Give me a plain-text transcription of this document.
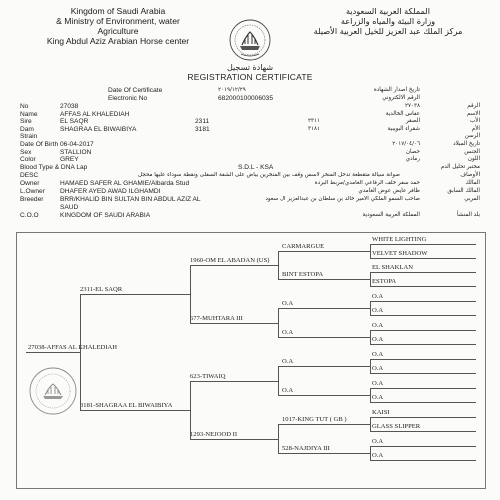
Kingdom of Saudi Arabia
& Ministry of Environment, water
Agriculture
King Abdul Aziz Arabian Horse center
المملكة العربية السعودية
وزارة البيئة والمياه والزراعة
مركز الملك عبد العزيز للخيل العربية الأصيلة
شهادة تسجيل
REGISTRATION CERTIFICATE
Date Of Certificate	٢٠١٩/١٢/٢٩	تاريخ اصدار الشهادة
Electronic No	682000100006035	الرقم الالكتروني
No	27038	٢٧٠٣٨	الرقم
Name	AFFAS AL KHALEDIAH	عفاس الخالدية	الاسم
Sire	EL SAQR	2311	٢٣١١	الصقر	الأب
Dam	SHAGRAA EL BIWAIBIYA	3181	٣١٨١	شقراء البويبية	الأم
Strain	الرسن
Date Of Birth 06-04-2017	٢٠١٧/٠٤/٠٦	تاريخ الميلاد
Sex	STALLION	حصان	الجنس
Color	GREY	رمادي	اللون
Blood Type & DNA Lap	S.D.L - KSA	مختبر تحليل الدم
DESC	صوانة سيالة متقطعة تدخل المنخر لاسس وقف بين المنخرين بياض على الشفة السفلى ونقطة سوداء عليها محجل	الأوصاف
Owner	HAMAED SAFER AL GHAMIE/Albarda Stud	حمد سفر خلف الرفاعي الغامدي/مربط البردة	المالك
L.Owner DHAFER AYED AWAD ILGHAMDI	ظافر عايض عوض الغامدي	المالك السابق
Breeder	BRR/KHALID BIN SULTAN BIN ABDUL AZIZ AL
SAUD
صاحب السمو الملكي الأمير خالد بن سلطان بن عبدالعزيز آل سعود	المربي
C.O.O	KINGDOM OF SAUDI ARABIA	المملكة العربية السعودية	بلد المنشأ
WHITE LIGHTING
VELVET SHADOW
EL SHAKLAN
ESTOPA
O.A
O.A
O.A
O.A
O.A
O.A
O.A
O.A
KAISI
GLASS SLIPPER
O.A
O.A
CARMARGUE
BINT ESTOPA
O.A
O.A
O.A
O.A
1017-KING TUT ( GB )
528-NAJDIYA III
1960-OM EL ABADAN (US)
677-MUHTARA III
623-TIWAIQ
1293-NEJOOD II
2311-EL SAQR
3181-SHAGRAA EL BIWAIBIYA
27038-AFFAS AL KHALEDIAH
